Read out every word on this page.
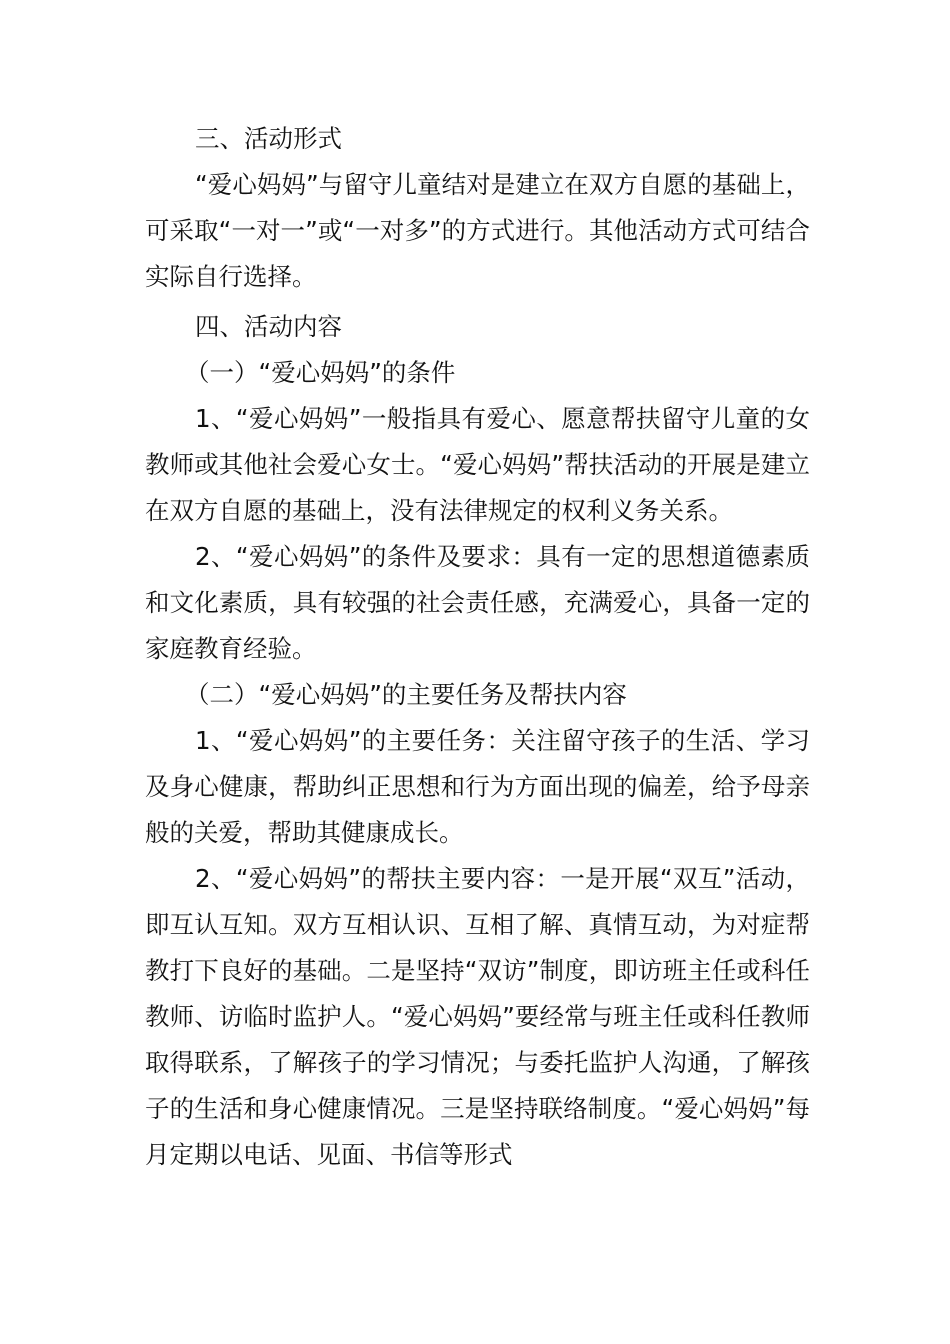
三、活动形式

“爱心妈妈”与留守儿童结对是建立在双方自愿的基础上，可采取“一对一”或“一对多”的方式进行。其他活动方式可结合实际自行选择。

四、活动内容

（一）“爱心妈妈”的条件

1、“爱心妈妈”一般指具有爱心、愿意帮扶留守儿童的女教师或其他社会爱心女士。“爱心妈妈”帮扶活动的开展是建立在双方自愿的基础上，没有法律规定的权利义务关系。

2、“爱心妈妈”的条件及要求：具有一定的思想道德素质和文化素质，具有较强的社会责任感，充满爱心，具备一定的家庭教育经验。

（二）“爱心妈妈”的主要任务及帮扶内容

1、“爱心妈妈”的主要任务：关注留守孩子的生活、学习及身心健康，帮助纠正思想和行为方面出现的偏差，给予母亲般的关爱，帮助其健康成长。

2、“爱心妈妈”的帮扶主要内容：一是开展“双互”活动，即互认互知。双方互相认识、互相了解、真情互动，为对症帮教打下良好的基础。二是坚持“双访”制度，即访班主任或科任教师、访临时监护人。“爱心妈妈”要经常与班主任或科任教师取得联系，了解孩子的学习情况；与委托监护人沟通，了解孩子的生活和身心健康情况。三是坚持联络制度。“爱心妈妈”每月定期以电话、见面、书信等形式
